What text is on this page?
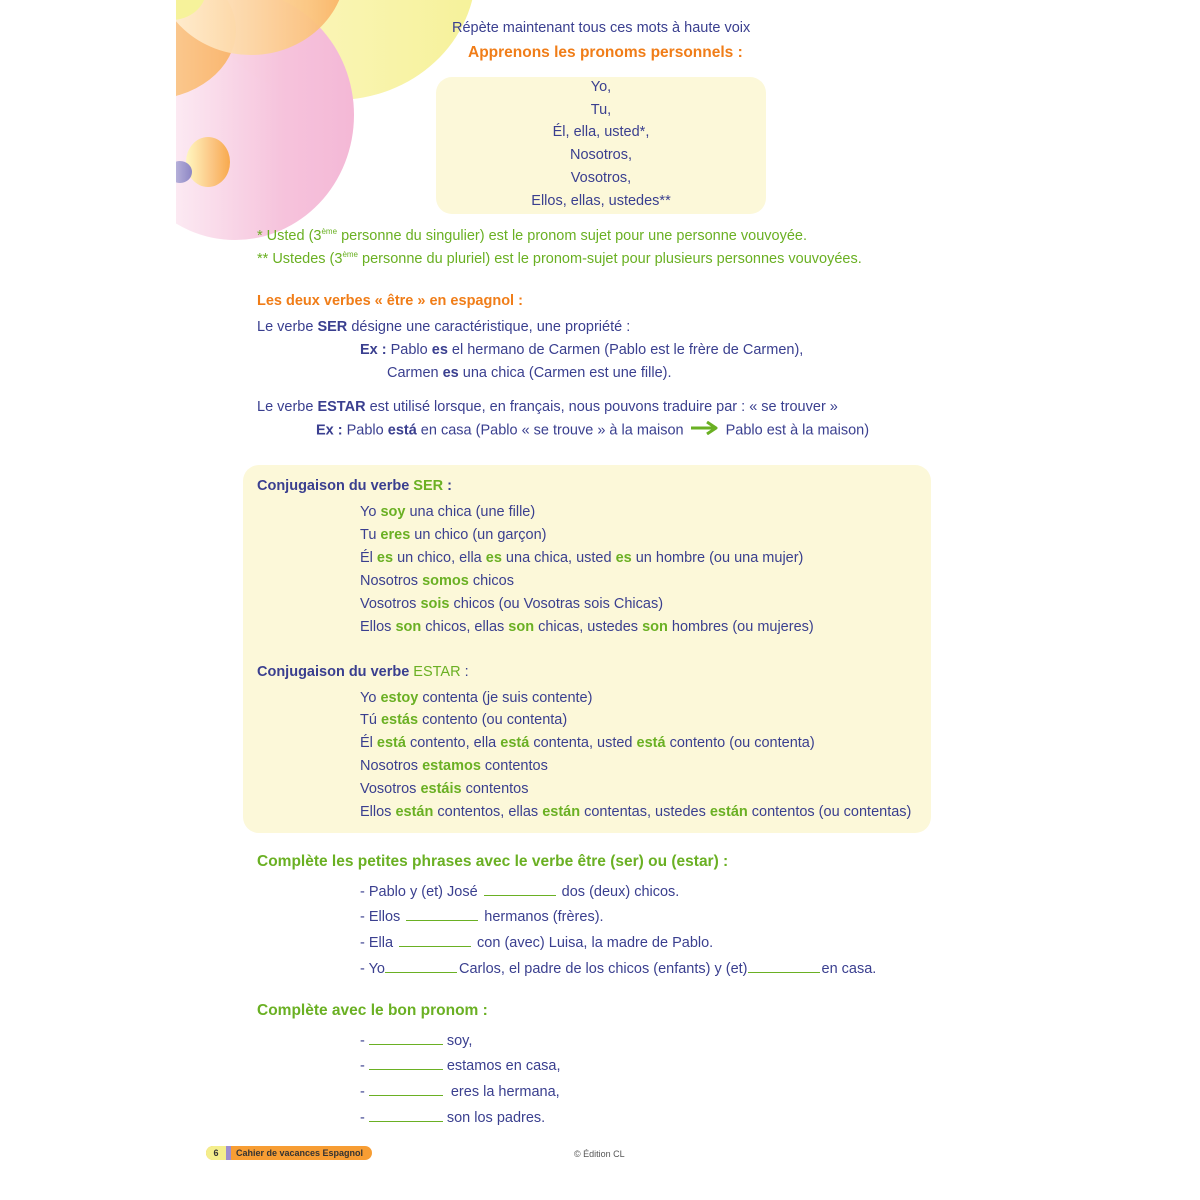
Répète maintenant tous ces mots à haute voix
Apprenons les pronoms personnels :
Yo,
Tu,
Él, ella, usted*,
Nosotros,
Vosotros,
Ellos, ellas, ustedes**
* Usted (3ème personne du singulier) est le pronom sujet pour une personne vouvoyée.
** Ustedes (3ème personne du pluriel) est le pronom-sujet pour plusieurs personnes vouvoyées.
Les deux verbes « être » en espagnol :
Le verbe SER désigne une caractéristique, une propriété :
Ex : Pablo es el hermano de Carmen (Pablo est le frère de Carmen),
Carmen es una chica (Carmen est une fille).
Le verbe ESTAR est utilisé lorsque, en français, nous pouvons traduire par : « se trouver »
Ex : Pablo está en casa (Pablo « se trouve » à la maison	Pablo est à la maison)
Conjugaison du verbe SER :
Yo soy una chica (une fille)
Tu eres un chico (un garçon)
Él es un chico, ella es una chica, usted es un hombre (ou una mujer)
Nosotros somos chicos
Vosotros sois chicos (ou Vosotras sois Chicas)
Ellos son chicos, ellas son chicas, ustedes son hombres (ou mujeres)
Conjugaison du verbe ESTAR :
Yo estoy contenta (je suis contente)
Tú estás contento (ou contenta)
Él está contento, ella está contenta, usted está contento (ou contenta)
Nosotros estamos contentos
Vosotros estáis contentos
Ellos están contentos, ellas están contentas, ustedes están contentos (ou contentas)
Complète les petites phrases avec le verbe être (ser) ou (estar) :
- Pablo y (et) José	dos (deux) chicos.
- Ellos	hermanos (frères).
- Ella	con (avec) Luisa, la madre de Pablo.
- Yo	Carlos, el padre de los chicos (enfants) y (et)	en casa.
Complète avec le bon pronom :
-	soy,
-	estamos en casa,
-	eres la hermana,
-	son los padres.
6	Cahier de vacances Espagnol	© Édition CL
